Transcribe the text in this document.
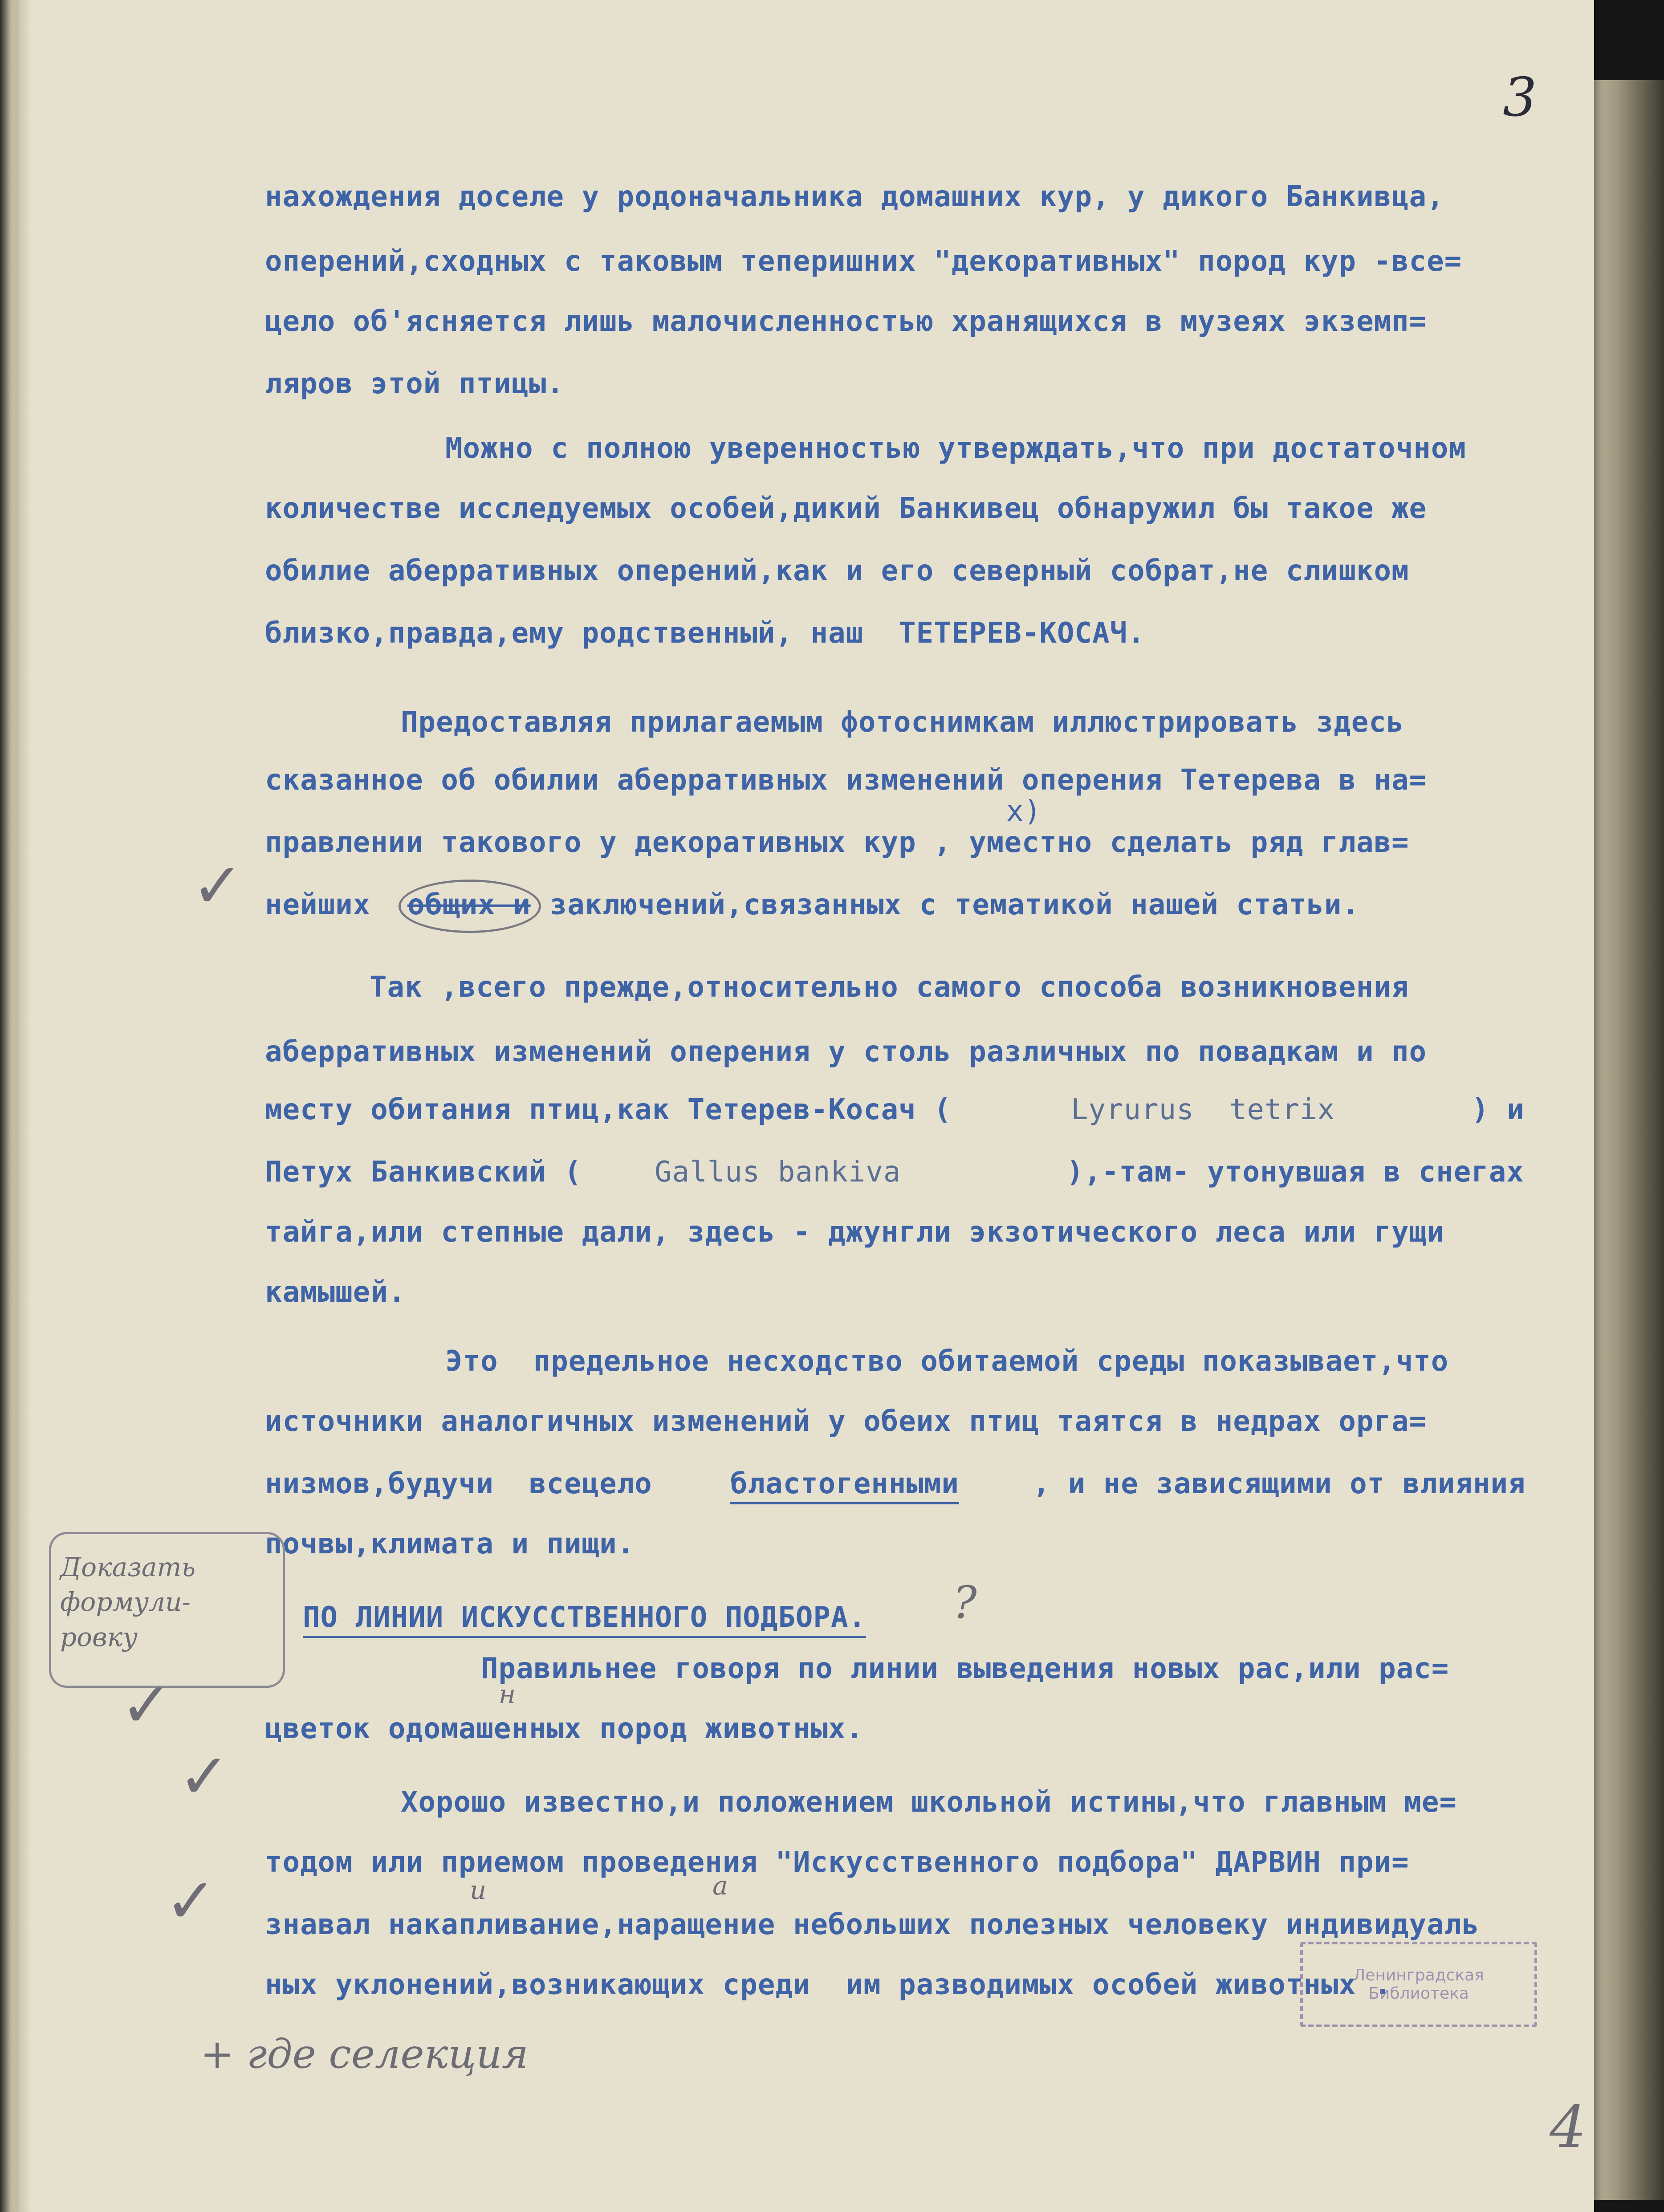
3
нахождения доселе у родоначальника домашних кур, у дикого Банкивца,
оперений,сходных с таковым теперишних "декоративных" пород кур -все=
цело об'ясняется лишь малочисленностью хранящихся в музеях экземп=
ляров этой птицы.
Можно с полною уверенностью утверждать,что при достаточном
количестве исследуемых особей,дикий Банкивец обнаружил бы такое же
обилие аберративных оперений,как и его северный собрат,не слишком
близко,правда,ему родственный, наш  ТЕТЕРЕВ-КОСАЧ.
Предоставляя прилагаемым фотоснимкам иллюстрировать здесь
сказанное об обилии аберративных изменений оперения Тетерева в на=
x)
правлении такового у декоративных кур , уместно сделать ряд глав=
нейших общих и заключений,связанных с тематикой нашей статьи.
✓
Так ,всего прежде,относительно самого способа возникновения
аберративных изменений оперения у столь различных по повадкам и по
месту обитания птиц,как Тетерев-Косач (	Lyrurus  tetrix	) и
Петух Банкивский (	Gallus bankiva	),-там- утонувшая в снегах
тайга,или степные дали, здесь - джунгли экзотического леса или гущи
камышей.
Это  предельное несходство обитаемой среды показывает,что
источники аналогичных изменений у обеих птиц таятся в недрах орга=
низмов,будучи  всецело	бластогенными , и не зависящими от влияния
почвы,климата и пищи.
Доказать формули- ровку
ПО ЛИНИИ ИСКУССТВЕННОГО ПОДБОРА. ?
Правильнее говоря по линии выведения новых рас,или рас=
цветок одомашенных пород животных.
н
✓
Хорошо известно,и положением школьной истины,что главным ме=
тодом или приемом проведения "Искусственного подбора" ДАРВИН при=
знавал накапливание,наращение небольших полезных человеку индивидуаль
ных уклонений,возникающих среди  им разводимых особей животных .
и	а
✓
✓
Ленинградская
Библиотека
+ где селекция
4
